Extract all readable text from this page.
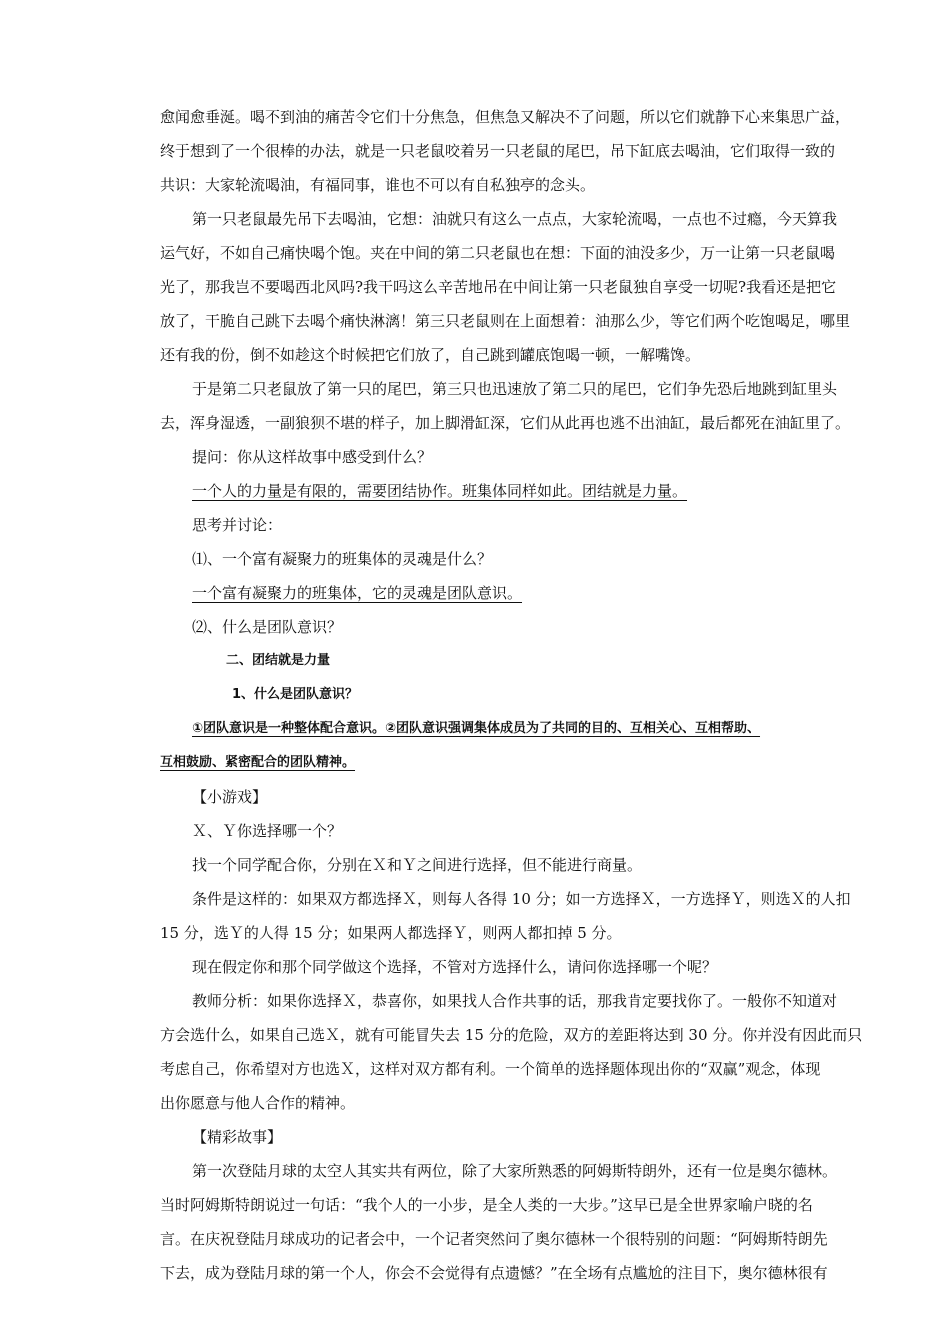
愈闻愈垂涎。喝不到油的痛苦令它们十分焦急，但焦急又解决不了问题，所以它们就静下心来集思广益，

终于想到了一个很棒的办法，就是一只老鼠咬着另一只老鼠的尾巴，吊下缸底去喝油，它们取得一致的

共识：大家轮流喝油，有福同事，谁也不可以有自私独亭的念头。

第一只老鼠最先吊下去喝油，它想：油就只有这么一点点，大家轮流喝，一点也不过瘾，今天算我

运气好，不如自己痛快喝个饱。夹在中间的第二只老鼠也在想：下面的油没多少，万一让第一只老鼠喝

光了，那我岂不要喝西北风吗?我干吗这么辛苦地吊在中间让第一只老鼠独自享受一切呢?我看还是把它

放了，干脆自己跳下去喝个痛快淋漓！第三只老鼠则在上面想着：油那么少，等它们两个吃饱喝足，哪里

还有我的份，倒不如趁这个时候把它们放了，自己跳到罐底饱喝一顿，一解嘴馋。

于是第二只老鼠放了第一只的尾巴，第三只也迅速放了第二只的尾巴，它们争先恐后地跳到缸里头

去，浑身湿透，一副狼狈不堪的样子，加上脚滑缸深，它们从此再也逃不出油缸，最后都死在油缸里了。

提问：你从这样故事中感受到什么？

一个人的力量是有限的，需要团结协作。班集体同样如此。团结就是力量。

思考并讨论：

⑴、一个富有凝聚力的班集体的灵魂是什么？

一个富有凝聚力的班集体，它的灵魂是团队意识。

⑵、什么是团队意识？

二、团结就是力量

1、什么是团队意识？

①团队意识是一种整体配合意识。②团队意识强调集体成员为了共同的目的、互相关心、互相帮助、

互相鼓励、紧密配合的团队精神。

【小游戏】

Ｘ、Ｙ你选择哪一个？

找一个同学配合你，分别在Ｘ和Ｙ之间进行选择，但不能进行商量。

条件是这样的：如果双方都选择Ｘ，则每人各得 10 分；如一方选择Ｘ，一方选择Ｙ，则选Ｘ的人扣

15 分，选Ｙ的人得 15 分；如果两人都选择Ｙ，则两人都扣掉 5 分。

现在假定你和那个同学做这个选择，不管对方选择什么，请问你选择哪一个呢？

教师分析：如果你选择Ｘ，恭喜你，如果找人合作共事的话，那我肯定要找你了。一般你不知道对

方会选什么，如果自己选Ｘ，就有可能冒失去 15 分的危险，双方的差距将达到 30 分。你并没有因此而只

考虑自己，你希望对方也选Ｘ，这样对双方都有利。一个简单的选择题体现出你的“双赢”观念，体现

出你愿意与他人合作的精神。

【精彩故事】

第一次登陆月球的太空人其实共有两位，除了大家所熟悉的阿姆斯特朗外，还有一位是奥尔德林。

当时阿姆斯特朗说过一句话：“我个人的一小步，是全人类的一大步。”这早已是全世界家喻户晓的名

言。在庆祝登陆月球成功的记者会中，一个记者突然问了奥尔德林一个很特别的问题：“阿姆斯特朗先

下去，成为登陆月球的第一个人，你会不会觉得有点遗憾？”在全场有点尴尬的注目下，奥尔德林很有
